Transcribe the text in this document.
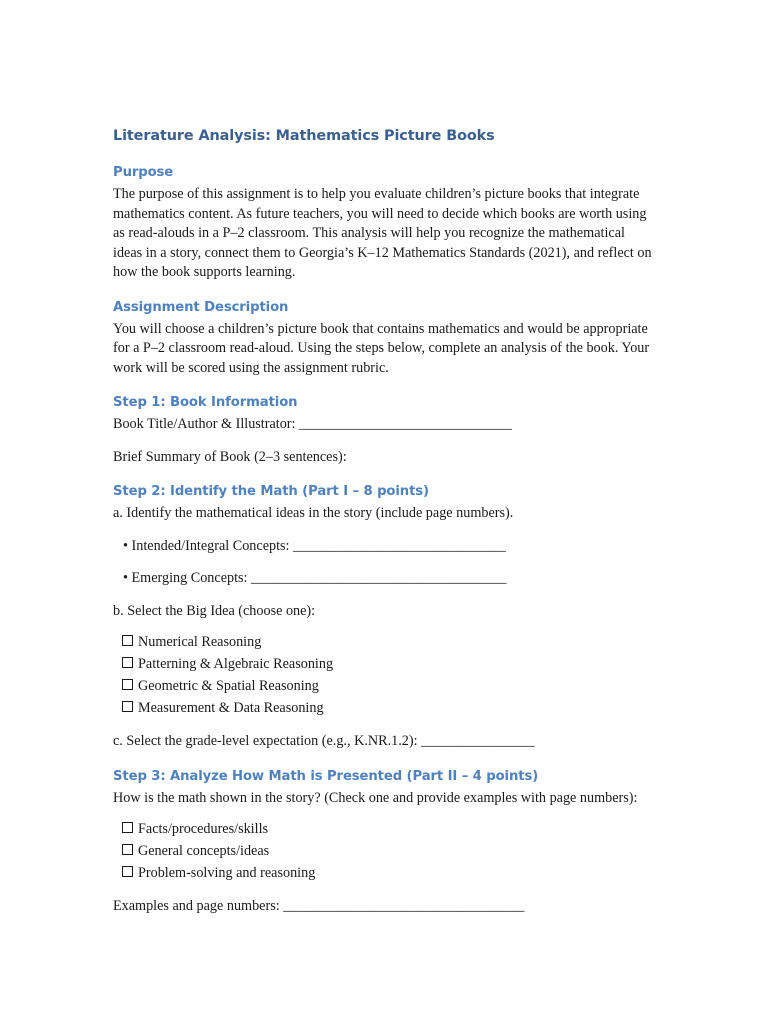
Literature Analysis: Mathematics Picture Books
Purpose

The purpose of this assignment is to help you evaluate children’s picture books that integrate mathematics content. As future teachers, you will need to decide which books are worth using as read-alouds in a P–2 classroom. This analysis will help you recognize the mathematical ideas in a story, connect them to Georgia’s K–12 Mathematics Standards (2021), and reflect on how the book supports learning.

Assignment Description

You will choose a children’s picture book that contains mathematics and would be appropriate for a P–2 classroom read-aloud. Using the steps below, complete an analysis of the book. Your work will be scored using the assignment rubric.

Step 1: Book Information

Book Title/Author & Illustrator: ______________________________

Brief Summary of Book (2–3 sentences):

Step 2: Identify the Math (Part I – 8 points)

a. Identify the mathematical ideas in the story (include page numbers).

• Intended/Integral Concepts: ______________________________

• Emerging Concepts: ____________________________________

b. Select the Big Idea (choose one):

Numerical Reasoning
Patterning & Algebraic Reasoning
Geometric & Spatial Reasoning
Measurement & Data Reasoning

c. Select the grade-level expectation (e.g., K.NR.1.2): ________________

Step 3: Analyze How Math is Presented (Part II – 4 points)

How is the math shown in the story? (Check one and provide examples with page numbers):

Facts/procedures/skills
General concepts/ideas
Problem-solving and reasoning

Examples and page numbers: __________________________________
